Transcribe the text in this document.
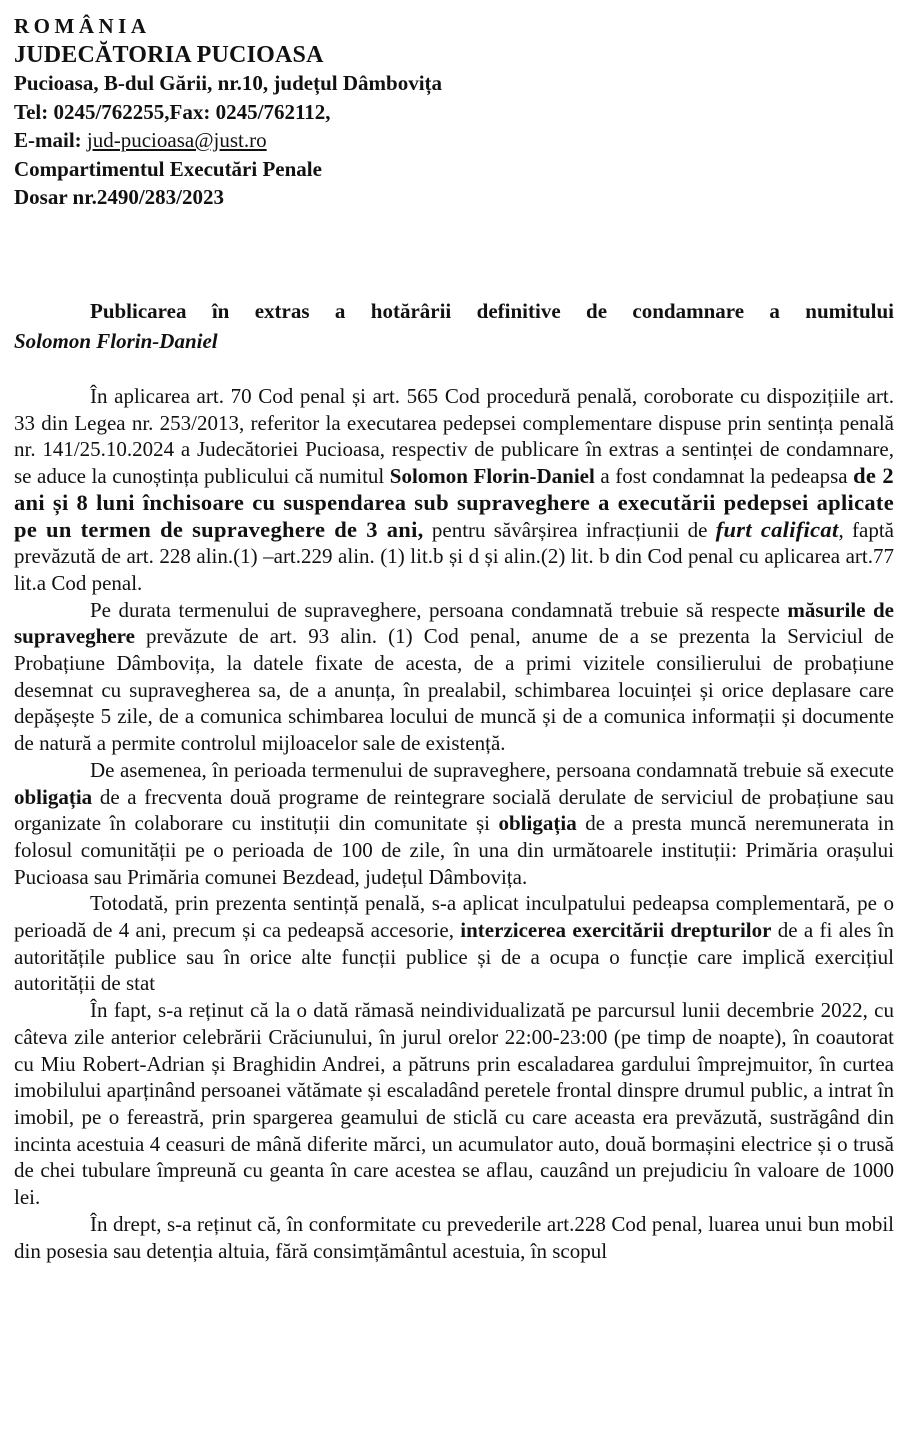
ROMÂNIA
JUDECĂTORIA PUCIOASA
Pucioasa, B-dul Gării, nr.10, județul Dâmbovița
Tel: 0245/762255,Fax: 0245/762112,
E-mail: jud-pucioasa@just.ro
Compartimentul Executări Penale
Dosar nr.2490/283/2023
Publicarea în extras a hotărârii definitive de condamnare a numitului
Solomon Florin-Daniel

În aplicarea art. 70 Cod penal și art. 565 Cod procedură penală, coroborate cu dispozițiile art. 33 din Legea nr. 253/2013, referitor la executarea pedepsei complementare dispuse prin sentința penală nr. 141/25.10.2024 a Judecătoriei Pucioasa, respectiv de publicare în extras a sentinței de condamnare, se aduce la cunoștința publicului că numitul Solomon Florin-Daniel a fost condamnat la pedeapsa de 2 ani și 8 luni închisoare cu suspendarea sub supraveghere a executării pedepsei aplicate pe un termen de supraveghere de 3 ani, pentru săvârșirea infracțiunii de furt calificat, faptă prevăzută de art. 228 alin.(1) –art.229 alin. (1) lit.b și d și alin.(2) lit. b din Cod penal cu aplicarea art.77 lit.a Cod penal.

Pe durata termenului de supraveghere, persoana condamnată trebuie să respecte măsurile de supraveghere prevăzute de art. 93 alin. (1) Cod penal, anume de a se prezenta la Serviciul de Probațiune Dâmbovița, la datele fixate de acesta, de a primi vizitele consilierului de probațiune desemnat cu supravegherea sa, de a anunța, în prealabil, schimbarea locuinței și orice deplasare care depășește 5 zile, de a comunica schimbarea locului de muncă și de a comunica informații și documente de natură a permite controlul mijloacelor sale de existență.

De asemenea, în perioada termenului de supraveghere, persoana condamnată trebuie să execute obligația de a frecventa două programe de reintegrare socială derulate de serviciul de probațiune sau organizate în colaborare cu instituții din comunitate și obligația de a presta muncă neremunerata in folosul comunității pe o perioada de 100 de zile, în una din următoarele instituții: Primăria orașului Pucioasa sau Primăria comunei Bezdead, județul Dâmbovița.

Totodată, prin prezenta sentință penală, s-a aplicat inculpatului pedeapsa complementară, pe o perioadă de 4 ani, precum și ca pedeapsă accesorie, interzicerea exercitării drepturilor de a fi ales în autoritățile publice sau în orice alte funcții publice și de a ocupa o funcție care implică exercițiul autorității de stat

În fapt, s-a reținut că la o dată rămasă neindividualizată pe parcursul lunii decembrie 2022, cu câteva zile anterior celebrării Crăciunului, în jurul orelor 22:00-23:00 (pe timp de noapte), în coautorat cu Miu Robert-Adrian și Braghidin Andrei, a pătruns prin escaladarea gardului împrejmuitor, în curtea imobilului aparținând persoanei vătămate și escaladând peretele frontal dinspre drumul public, a intrat în imobil, pe o fereastră, prin spargerea geamului de sticlă cu care aceasta era prevăzută, sustrăgând din incinta acestuia 4 ceasuri de mână diferite mărci, un acumulator auto, două bormașini electrice și o trusă de chei tubulare împreună cu geanta în care acestea se aflau, cauzând un prejudiciu în valoare de 1000 lei.

În drept, s-a reținut că, în conformitate cu prevederile art.228 Cod penal, luarea unui bun mobil din posesia sau detenția altuia, fără consimțământul acestuia, în scopul
